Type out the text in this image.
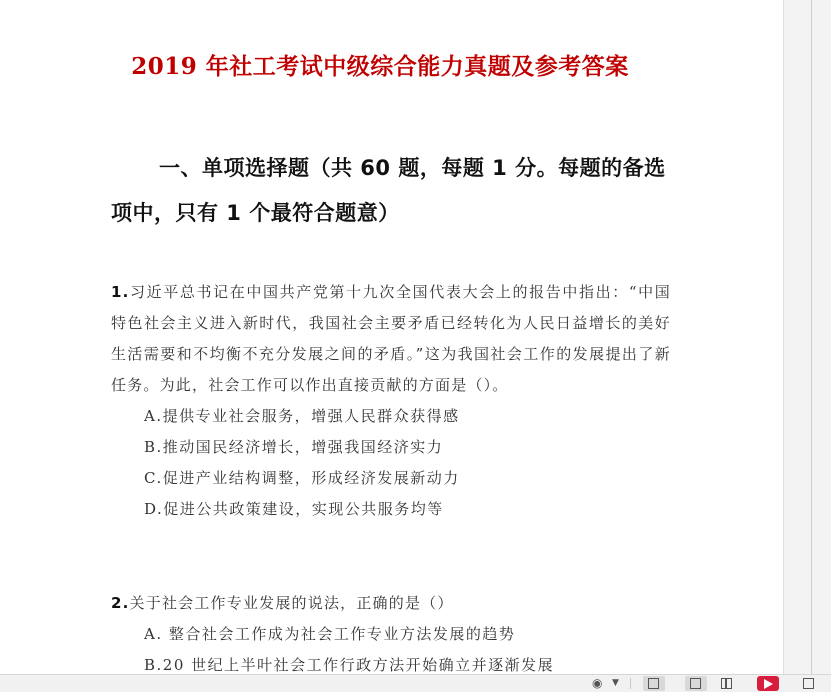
2019 年社工考试中级综合能力真题及参考答案
一、单项选择题（共 60 题，每题 1 分。每题的备选项中，只有 1 个最符合题意）
1.习近平总书记在中国共产党第十九次全国代表大会上的报告中指出：“中国特色社会主义进入新时代，我国社会主要矛盾已经转化为人民日益增长的美好生活需要和不均衡不充分发展之间的矛盾。”这为我国社会工作的发展提出了新任务。为此，社会工作可以作出直接贡献的方面是（）。
A.提供专业社会服务，增强人民群众获得感
B.推动国民经济增长，增强我国经济实力
C.促进产业结构调整，形成经济发展新动力
D.促进公共政策建设，实现公共服务均等
2.关于社会工作专业发展的说法，正确的是（）
A. 整合社会工作成为社会工作专业方法发展的趋势
B.20 世纪上半叶社会工作行政方法开始确立并逐渐发展
◉ ▼
